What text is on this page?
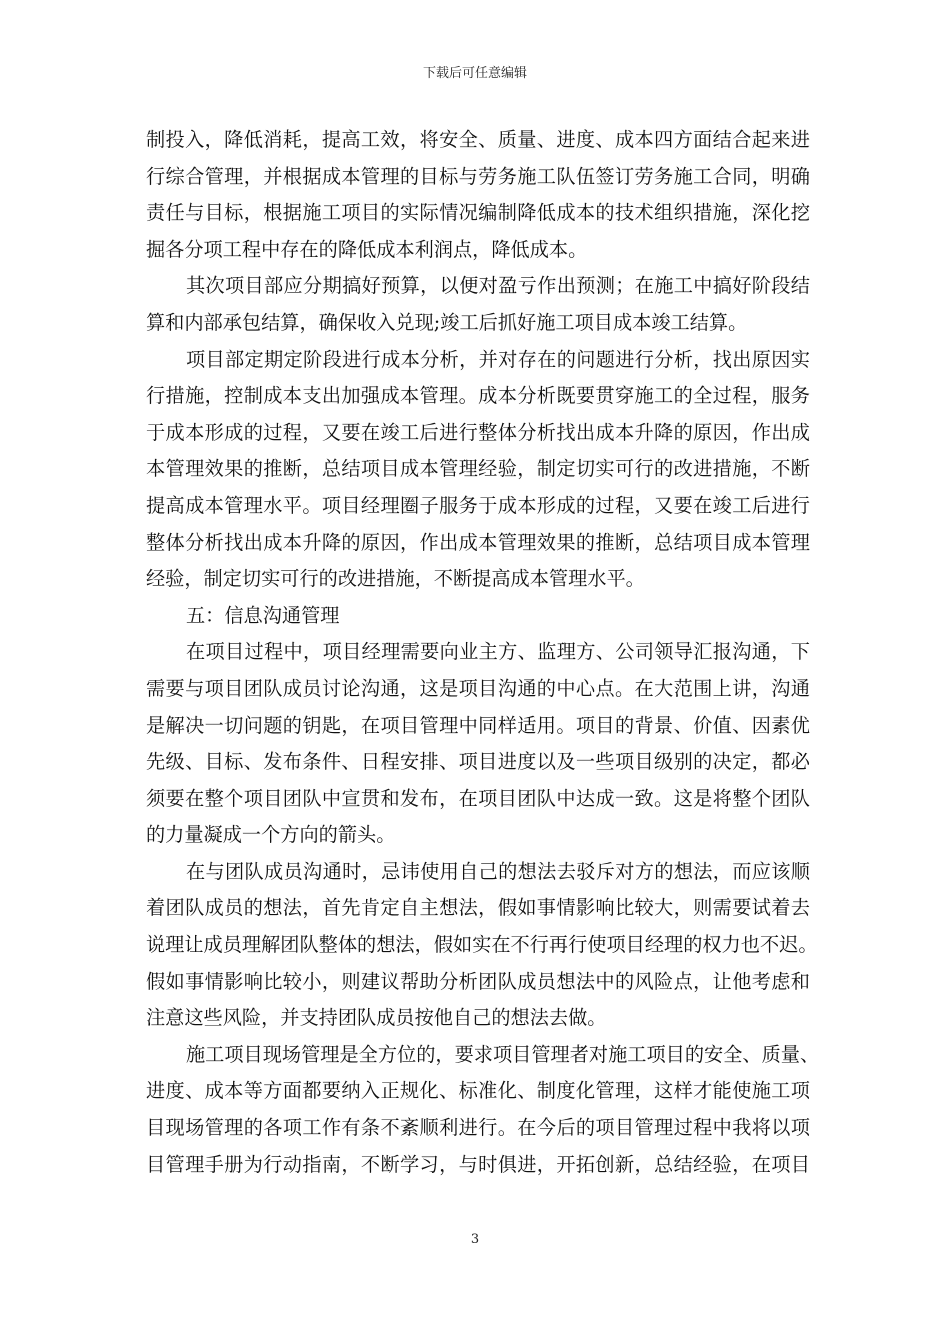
下载后可任意编辑
制投入，降低消耗，提高工效，将安全、质量、进度、成本四方面结合起来进
行综合管理，并根据成本管理的目标与劳务施工队伍签订劳务施工合同，明确
责任与目标，根据施工项目的实际情况编制降低成本的技术组织措施，深化挖
掘各分项工程中存在的降低成本利润点，降低成本。
其次项目部应分期搞好预算，以便对盈亏作出预测；在施工中搞好阶段结
算和内部承包结算，确保收入兑现;竣工后抓好施工项目成本竣工结算。
项目部定期定阶段进行成本分析，并对存在的问题进行分析，找出原因实
行措施，控制成本支出加强成本管理。成本分析既要贯穿施工的全过程，服务
于成本形成的过程，又要在竣工后进行整体分析找出成本升降的原因，作出成
本管理效果的推断，总结项目成本管理经验，制定切实可行的改进措施，不断
提高成本管理水平。项目经理圈子服务于成本形成的过程，又要在竣工后进行
整体分析找出成本升降的原因，作出成本管理效果的推断，总结项目成本管理
经验，制定切实可行的改进措施，不断提高成本管理水平。
五：信息沟通管理
在项目过程中，项目经理需要向业主方、监理方、公司领导汇报沟通，下
需要与项目团队成员讨论沟通，这是项目沟通的中心点。在大范围上讲，沟通
是解决一切问题的钥匙，在项目管理中同样适用。项目的背景、价值、因素优
先级、目标、发布条件、日程安排、项目进度以及一些项目级别的决定，都必
须要在整个项目团队中宣贯和发布，在项目团队中达成一致。这是将整个团队
的力量凝成一个方向的箭头。
在与团队成员沟通时，忌讳使用自己的想法去驳斥对方的想法，而应该顺
着团队成员的想法，首先肯定自主想法，假如事情影响比较大，则需要试着去
说理让成员理解团队整体的想法，假如实在不行再行使项目经理的权力也不迟。
假如事情影响比较小，则建议帮助分析团队成员想法中的风险点，让他考虑和
注意这些风险，并支持团队成员按他自己的想法去做。
施工项目现场管理是全方位的，要求项目管理者对施工项目的安全、质量、
进度、成本等方面都要纳入正规化、标准化、制度化管理，这样才能使施工项
目现场管理的各项工作有条不紊顺利进行。在今后的项目管理过程中我将以项
目管理手册为行动指南，不断学习，与时俱进，开拓创新，总结经验，在项目
3
